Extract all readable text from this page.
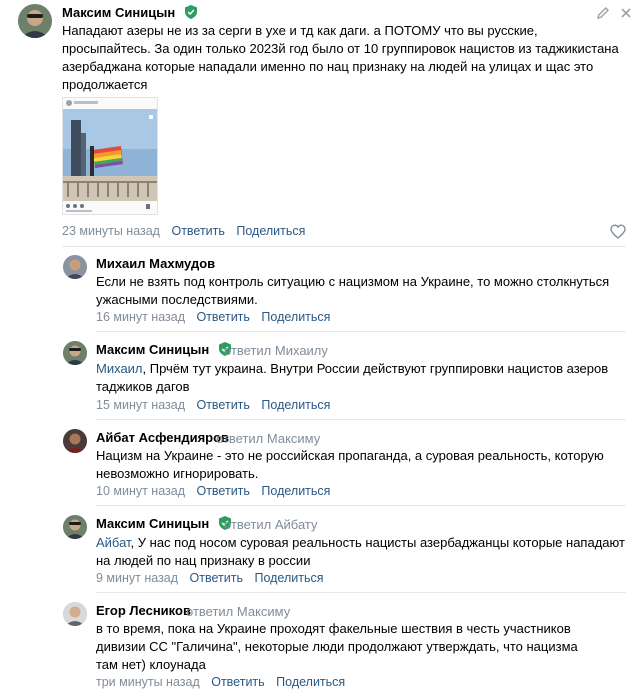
Максим Синицын
Нападают азеры не из за серги в ухе и тд как даги. а ПОТОМУ что вы русские, просыпайтесь. За один только 2023й год было от 10 группировок нацистов из таджикистана азербаджана которые нападали именно по нац признаку на людей на улицах и щас это продолжается
23 минуты назад Ответить Поделиться
Михаил Махмудов
Если не взять под контроль ситуацию с нацизмом на Украине, то можно столкнуться ужасными последствиями.
16 минут назад Ответить Поделиться
Максим Синицын	ответил Михаилу
Михаил, Прчём тут украина. Внутри России действуют группировки нацистов азеров таджиков дагов
15 минут назад Ответить Поделиться
Айбат Асфендияров
ответил Максиму
Нацизм на Украине - это не российская пропаганда, а суровая реальность, которую невозможно игнорировать.
10 минут назад Ответить Поделиться
Максим Синицын	ответил Айбату
Айбат, У нас под носом суровая реальность нацисты азербаджанцы которые нападают на людей по нац признаку в россии
9 минут назад Ответить Поделиться
Егор Лесников
ответил Максиму
в то время, пока на Украине проходят факельные шествия в честь участников дивизии СС "Галичина", некоторые люди продолжают утверждать, что нацизма там нет) клоунада
три минуты назад Ответить Поделиться
